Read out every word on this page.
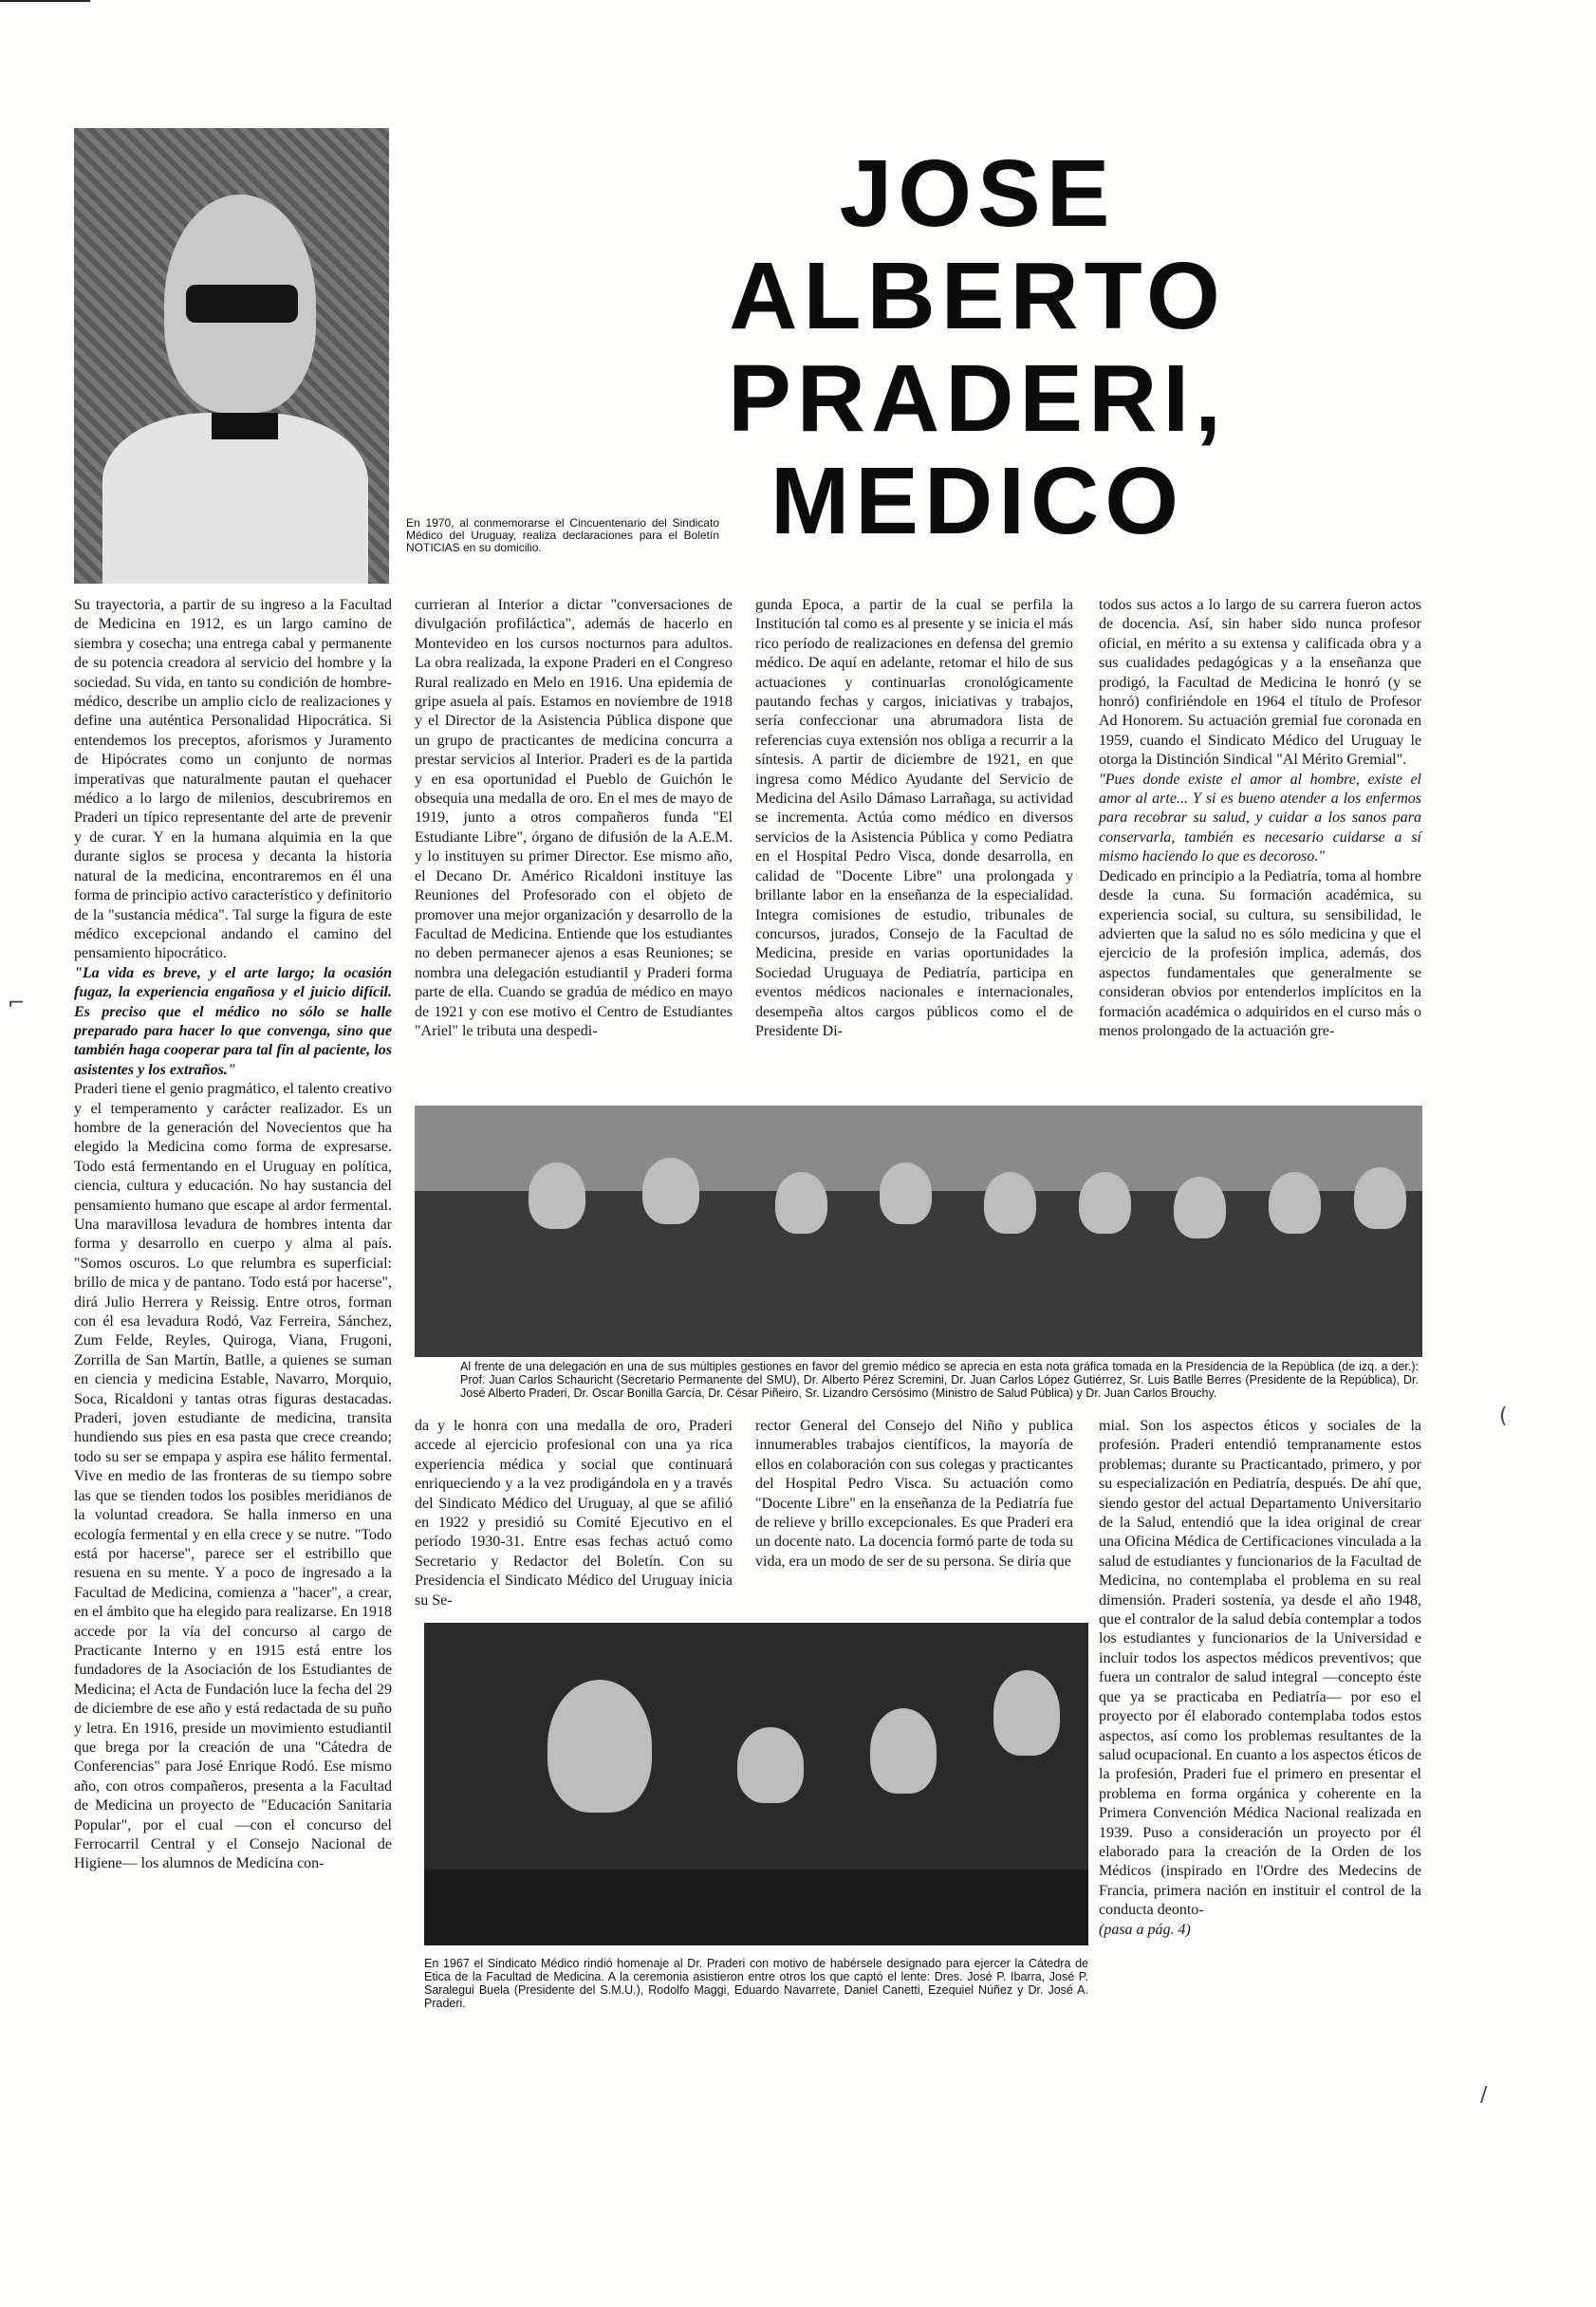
En 1970, al conmemorarse el Cincuentenario del Sindicato Médico del Uruguay, realiza declaraciones para el Boletín NOTICIAS en su domicilio.
JOSE
ALBERTO
PRADERI,
MEDICO

Su trayectoria, a partir de su ingreso a la Facultad de Medicina en 1912, es un largo camino de siembra y cosecha; una entrega cabal y permanente de su potencia creadora al servicio del hombre y la sociedad. Su vida, en tanto su condición de hombre-médico, describe un amplio ciclo de realizaciones y define una auténtica Personalidad Hipocrática. Si entendemos los preceptos, aforismos y Juramento de Hipócrates como un conjunto de normas imperativas que naturalmente pautan el quehacer médico a lo largo de milenios, descubriremos en Praderi un típico representante del arte de prevenir y de curar. Y en la humana alquimia en la que durante siglos se procesa y decanta la historia natural de la medicina, encontraremos en él una forma de principio activo característico y definitorio de la "sustancia médica". Tal surge la figura de este médico excepcional andando el camino del pensamiento hipocrático.

"La vida es breve, y el arte largo; la ocasión fugaz, la experiencia engañosa y el juicio difícil. Es preciso que el médico no sólo se halle preparado para hacer lo que convenga, sino que también haga cooperar para tal fin al paciente, los asistentes y los extraños."

Praderi tiene el genio pragmático, el talento creativo y el temperamento y carácter realizador. Es un hombre de la generación del Novecientos que ha elegido la Medicina como forma de expresarse. Todo está fermentando en el Uruguay en política, ciencia, cultura y educación. No hay sustancia del pensamiento humano que escape al ardor fermental. Una maravillosa levadura de hombres intenta dar forma y desarrollo en cuerpo y alma al país. "Somos oscuros. Lo que relumbra es superficial: brillo de mica y de pantano. Todo está por hacerse", dirá Julio Herrera y Reissig. Entre otros, forman con él esa levadura Rodó, Vaz Ferreira, Sánchez, Zum Felde, Reyles, Quiroga, Viana, Frugoni, Zorrilla de San Martín, Batlle, a quienes se suman en ciencia y medicina Estable, Navarro, Morquio, Soca, Ricaldoni y tantas otras figuras destacadas. Praderi, joven estudiante de medicina, transita hundiendo sus pies en esa pasta que crece creando; todo su ser se empapa y aspira ese hálito fermental. Vive en medio de las fronteras de su tiempo sobre las que se tienden todos los posibles meridianos de la voluntad creadora. Se halla inmerso en una ecología fermental y en ella crece y se nutre. "Todo está por hacerse", parece ser el estribillo que resuena en su mente. Y a poco de ingresado a la Facultad de Medicina, comienza a "hacer", a crear, en el ámbito que ha elegido para realizarse. En 1918 accede por la vía del concurso al cargo de Practicante Interno y en 1915 está entre los fundadores de la Asociación de los Estudiantes de Medicina; el Acta de Fundación luce la fecha del 29 de diciembre de ese año y está redactada de su puño y letra. En 1916, preside un movimiento estudiantil que brega por la creación de una "Cátedra de Conferencias" para José Enrique Rodó. Ese mismo año, con otros compañeros, presenta a la Facultad de Medicina un proyecto de "Educación Sanitaria Popular", por el cual —con el concurso del Ferrocarril Central y el Consejo Nacional de Higiene— los alumnos de Medicina con-

currieran al Interior a dictar "conversaciones de divulgación profiláctica", además de hacerlo en Montevideo en los cursos nocturnos para adultos. La obra realizada, la expone Praderi en el Congreso Rural realizado en Melo en 1916. Una epidemia de gripe asuela al país. Estamos en noviembre de 1918 y el Director de la Asistencia Pública dispone que un grupo de practicantes de medicina concurra a prestar servicios al Interior. Praderi es de la partida y en esa oportunidad el Pueblo de Guichón le obsequia una medalla de oro. En el mes de mayo de 1919, junto a otros compañeros funda "El Estudiante Libre", órgano de difusión de la A.E.M. y lo instituyen su primer Director. Ese mismo año, el Decano Dr. Américo Ricaldoni instituye las Reuniones del Profesorado con el objeto de promover una mejor organización y desarrollo de la Facultad de Medicina. Entiende que los estudiantes no deben permanecer ajenos a esas Reuniones; se nombra una delegación estudiantil y Praderi forma parte de ella. Cuando se gradúa de médico en mayo de 1921 y con ese motivo el Centro de Estudiantes "Ariel" le tributa una despedi-

gunda Epoca, a partir de la cual se perfila la Institución tal como es al presente y se inicia el más rico período de realizaciones en defensa del gremio médico. De aquí en adelante, retomar el hilo de sus actuaciones y continuarlas cronológicamente pautando fechas y cargos, iniciativas y trabajos, sería confeccionar una abrumadora lista de referencias cuya extensión nos obliga a recurrir a la síntesis. A partir de diciembre de 1921, en que ingresa como Médico Ayudante del Servicio de Medicina del Asilo Dámaso Larrañaga, su actividad se incrementa. Actúa como médico en diversos servicios de la Asistencia Pública y como Pediatra en el Hospital Pedro Visca, donde desarrolla, en calidad de "Docente Libre" una prolongada y brillante labor en la enseñanza de la especialidad. Integra comisiones de estudio, tribunales de concursos, jurados, Consejo de la Facultad de Medicina, preside en varias oportunidades la Sociedad Uruguaya de Pediatría, participa en eventos médicos nacionales e internacionales, desempeña altos cargos públicos como el de Presidente Di-

todos sus actos a lo largo de su carrera fueron actos de docencia. Así, sin haber sido nunca profesor oficial, en mérito a su extensa y calificada obra y a sus cualidades pedagógicas y a la enseñanza que prodigó, la Facultad de Medicina le honró (y se honró) confiriéndole en 1964 el título de Profesor Ad Honorem. Su actuación gremial fue coronada en 1959, cuando el Sindicato Médico del Uruguay le otorga la Distinción Sindical "Al Mérito Gremial".

"Pues donde existe el amor al hombre, existe el amor al arte... Y si es bueno atender a los enfermos para recobrar su salud, y cuidar a los sanos para conservarla, también es necesario cuidarse a sí mismo haciendo lo que es decoroso."

Dedicado en principio a la Pediatría, toma al hombre desde la cuna. Su formación académica, su experiencia social, su cultura, su sensibilidad, le advierten que la salud no es sólo medicina y que el ejercicio de la profesión implica, además, dos aspectos fundamentales que generalmente se consideran obvios por entenderlos implícitos en la formación académica o adquiridos en el curso más o menos prolongado de la actuación gre-

Al frente de una delegación en una de sus múltiples gestiones en favor del gremio médico se aprecia en esta nota gráfica tomada en la Presidencia de la República (de izq. a der.): Prof. Juan Carlos Schauricht (Secretario Permanente del SMU), Dr. Alberto Pérez Scremini, Dr. Juan Carlos López Gutiérrez, Sr. Luis Batlle Berres (Presidente de la República), Dr. José Alberto Praderi, Dr. Oscar Bonilla García, Dr. César Piñeiro, Sr. Lizandro Cersósimo (Ministro de Salud Pública) y Dr. Juan Carlos Brouchy.

da y le honra con una medalla de oro, Praderi accede al ejercicio profesional con una ya rica experiencia médica y social que continuará enriqueciendo y a la vez prodigándola en y a través del Sindicato Médico del Uruguay, al que se afilió en 1922 y presidió su Comité Ejecutivo en el período 1930-31. Entre esas fechas actuó como Secretario y Redactor del Boletín. Con su Presidencia el Sindicato Médico del Uruguay inicia su Se-

rector General del Consejo del Niño y publica innumerables trabajos científicos, la mayoría de ellos en colaboración con sus colegas y practicantes del Hospital Pedro Visca. Su actuación como "Docente Libre" en la enseñanza de la Pediatría fue de relieve y brillo excepcionales. Es que Praderi era un docente nato. La docencia formó parte de toda su vida, era un modo de ser de su persona. Se diría que

mial. Son los aspectos éticos y sociales de la profesión. Praderi entendió tempranamente estos problemas; durante su Practicantado, primero, y por su especialización en Pediatría, después. De ahí que, siendo gestor del actual Departamento Universitario de la Salud, entendió que la idea original de crear una Oficina Médica de Certificaciones vinculada a la salud de estudiantes y funcionarios de la Facultad de Medicina, no contemplaba el problema en su real dimensión. Praderi sostenía, ya desde el año 1948, que el contralor de la salud debía contemplar a todos los estudiantes y funcionarios de la Universidad e incluir todos los aspectos médicos preventivos; que fuera un contralor de salud integral —concepto éste que ya se practicaba en Pediatría— por eso el proyecto por él elaborado contemplaba todos estos aspectos, así como los problemas resultantes de la salud ocupacional. En cuanto a los aspectos éticos de la profesión, Praderi fue el primero en presentar el problema en forma orgánica y coherente en la Primera Convención Médica Nacional realizada en 1939. Puso a consideración un proyecto por él elaborado para la creación de la Orden de los Médicos (inspirado en l'Ordre des Medecins de Francia, primera nación en instituir el control de la conducta deonto-

(pasa a pág. 4)

En 1967 el Sindicato Médico rindió homenaje al Dr. Praderi con motivo de habérsele designado para ejercer la Cátedra de Etica de la Facultad de Medicina. A la ceremonia asistieron entre otros los que captó el lente: Dres. José P. Ibarra, José P. Saralegui Buela (Presidente del S.M.U.), Rodolfo Maggi, Eduardo Navarrete, Daniel Canetti, Ezequiel Núñez y Dr. José A. Praderi.
⌐
(
∕
